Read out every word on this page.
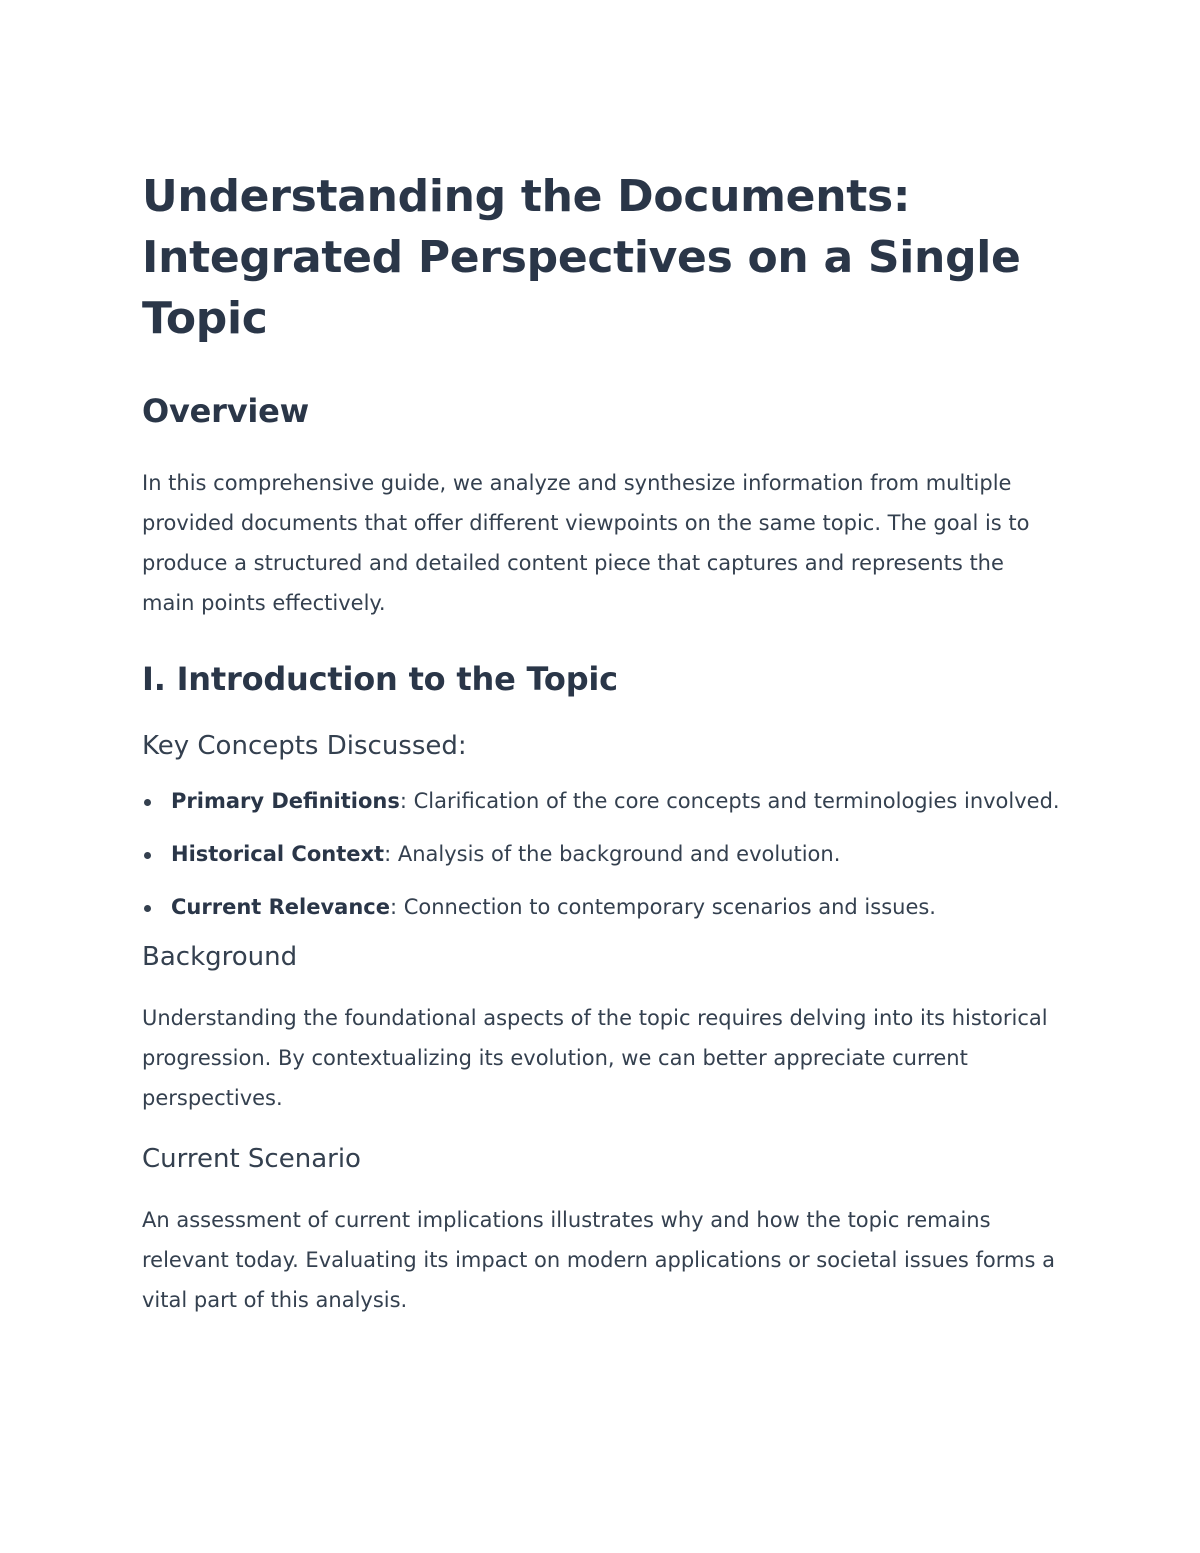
Understanding the Documents: Integrated Perspectives on a Single Topic
Overview

In this comprehensive guide, we analyze and synthesize information from multiple provided documents that offer different viewpoints on the same topic. The goal is to produce a structured and detailed content piece that captures and represents the main points effectively.

I. Introduction to the Topic
Key Concepts Discussed:
Primary Definitions: Clarification of the core concepts and terminologies involved.
Historical Context: Analysis of the background and evolution.
Current Relevance: Connection to contemporary scenarios and issues.
Background

Understanding the foundational aspects of the topic requires delving into its historical progression. By contextualizing its evolution, we can better appreciate current perspectives.

Current Scenario

An assessment of current implications illustrates why and how the topic remains relevant today. Evaluating its impact on modern applications or societal issues forms a vital part of this analysis.
